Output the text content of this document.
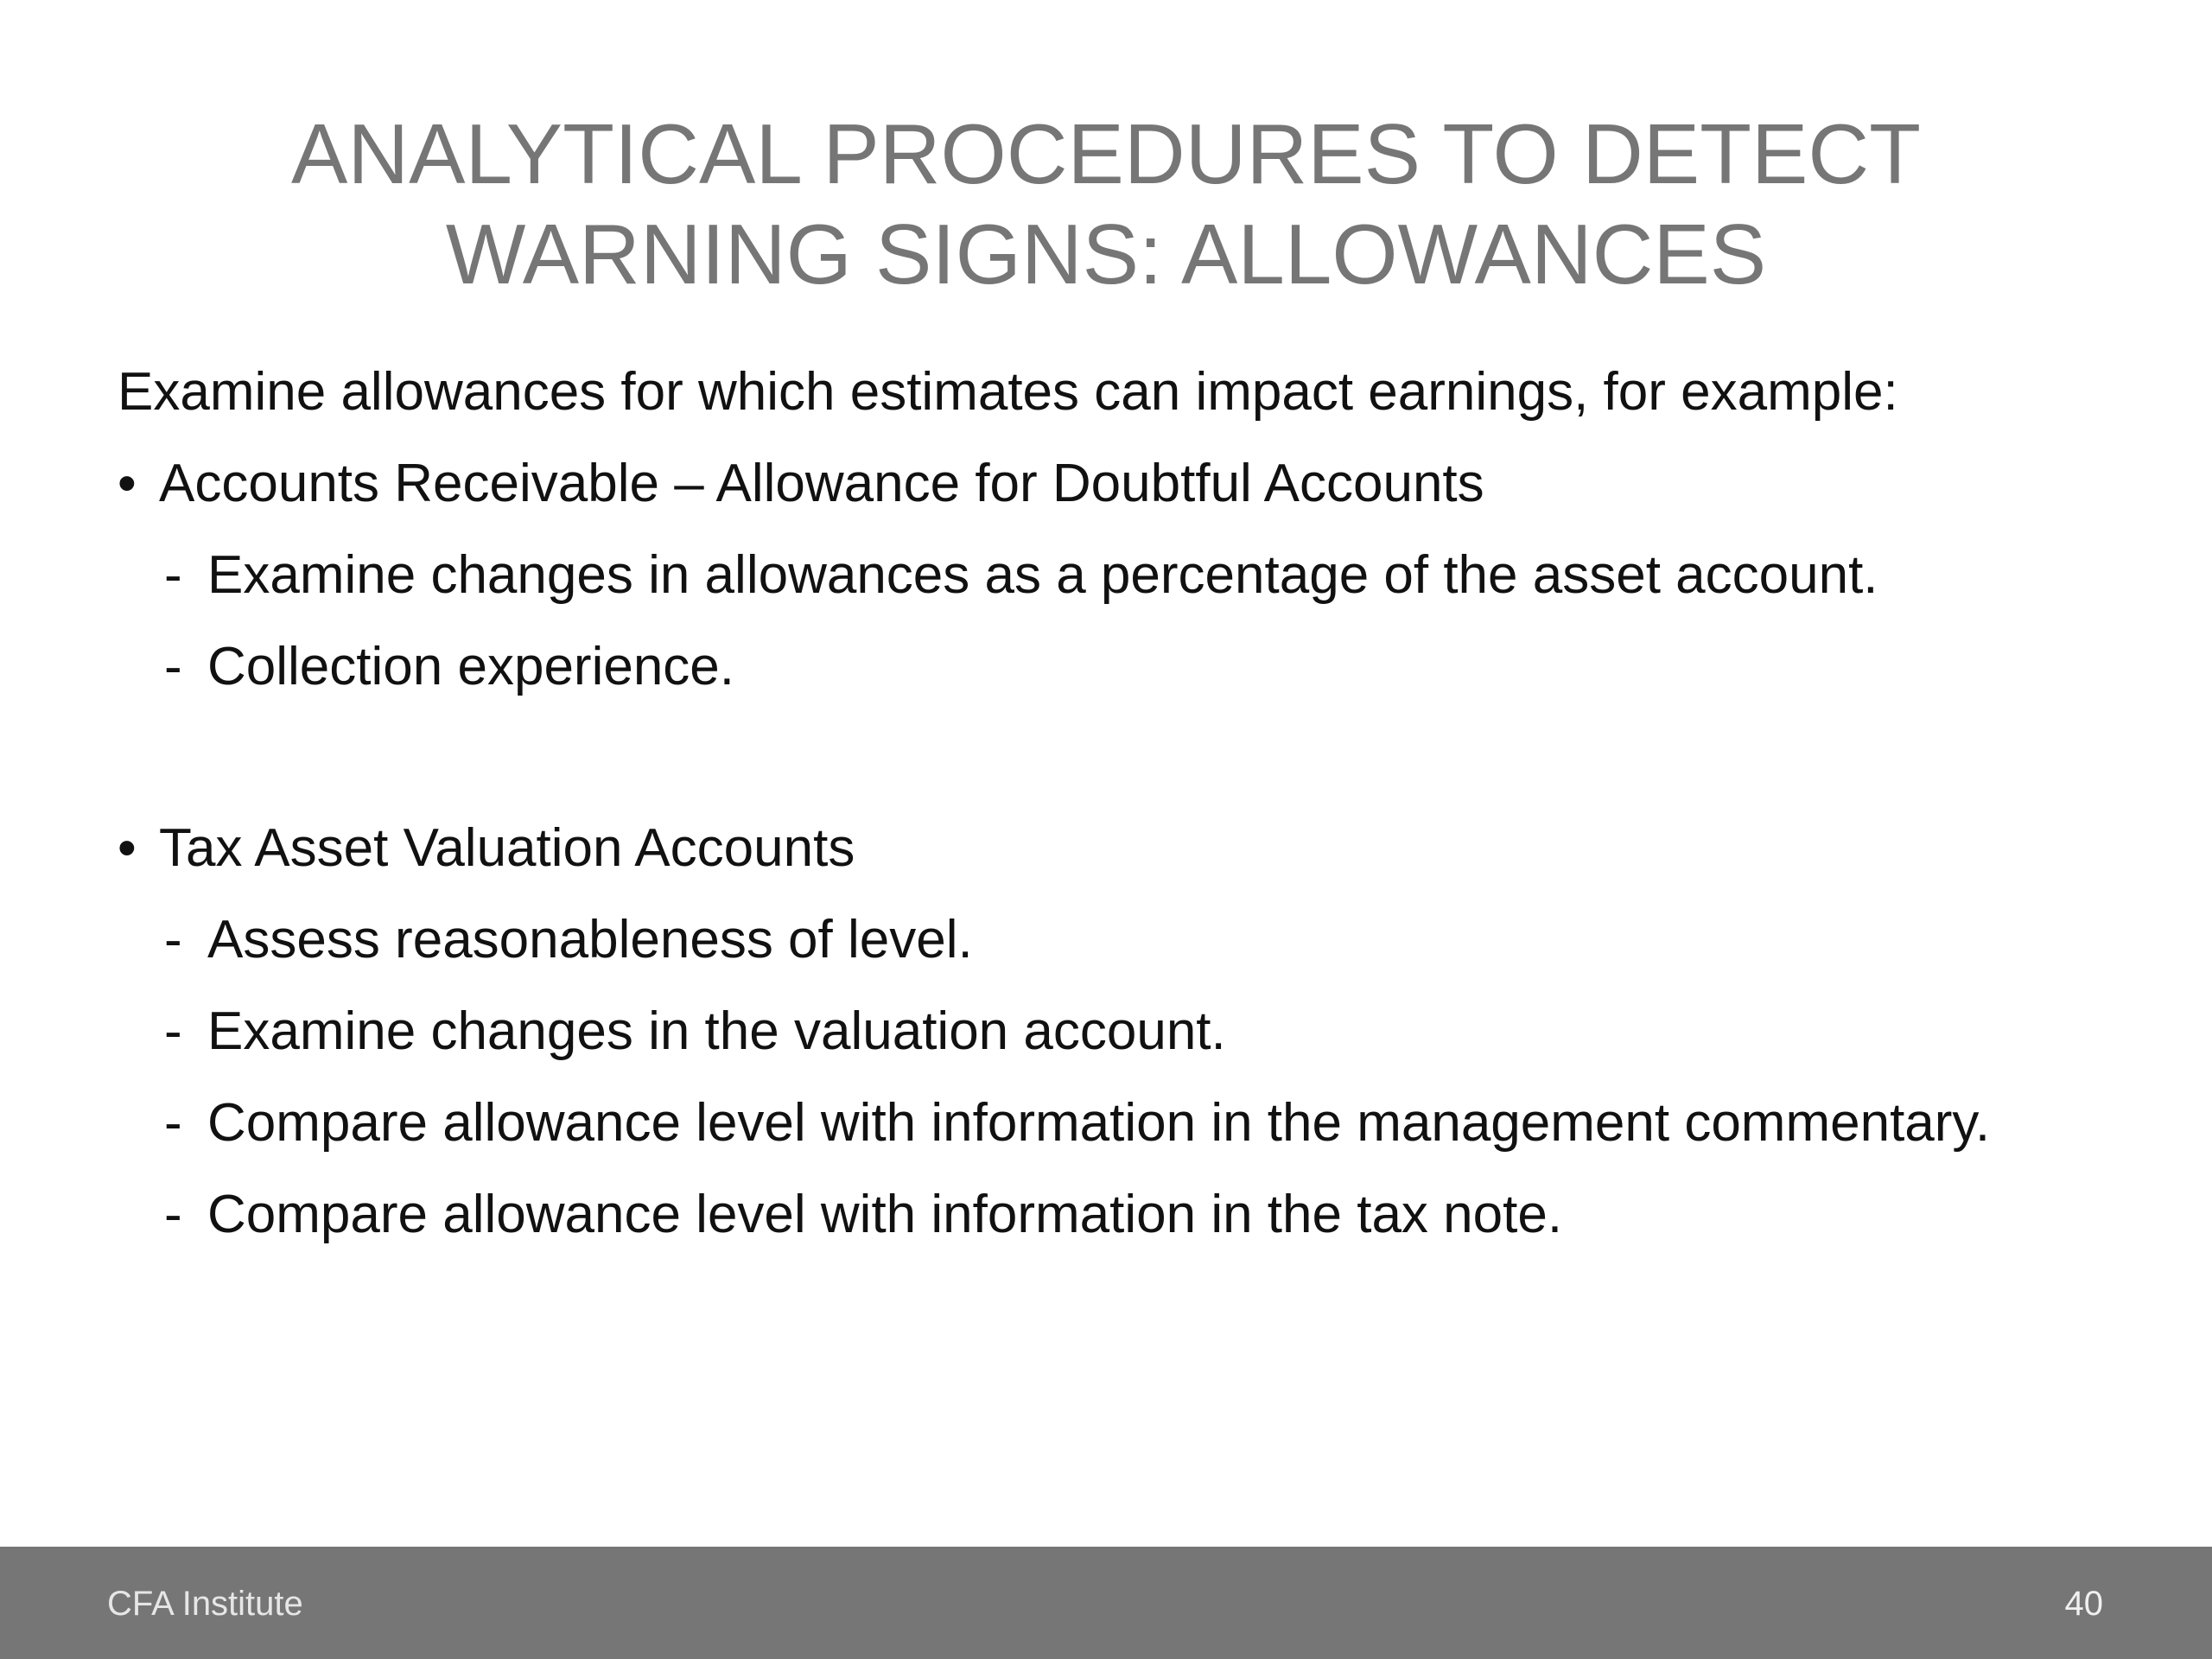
ANALYTICAL PROCEDURES TO DETECT
WARNING SIGNS: ALLOWANCES
Examine allowances for which estimates can impact earnings, for example:
• Accounts Receivable – Allowance for Doubtful Accounts
- Examine changes in allowances as a percentage of the asset account.
- Collection experience.
• Tax Asset Valuation Accounts
- Assess reasonableness of level.
- Examine changes in the valuation account.
- Compare allowance level with information in the management commentary.
- Compare allowance level with information in the tax note.
CFA Institute	40
